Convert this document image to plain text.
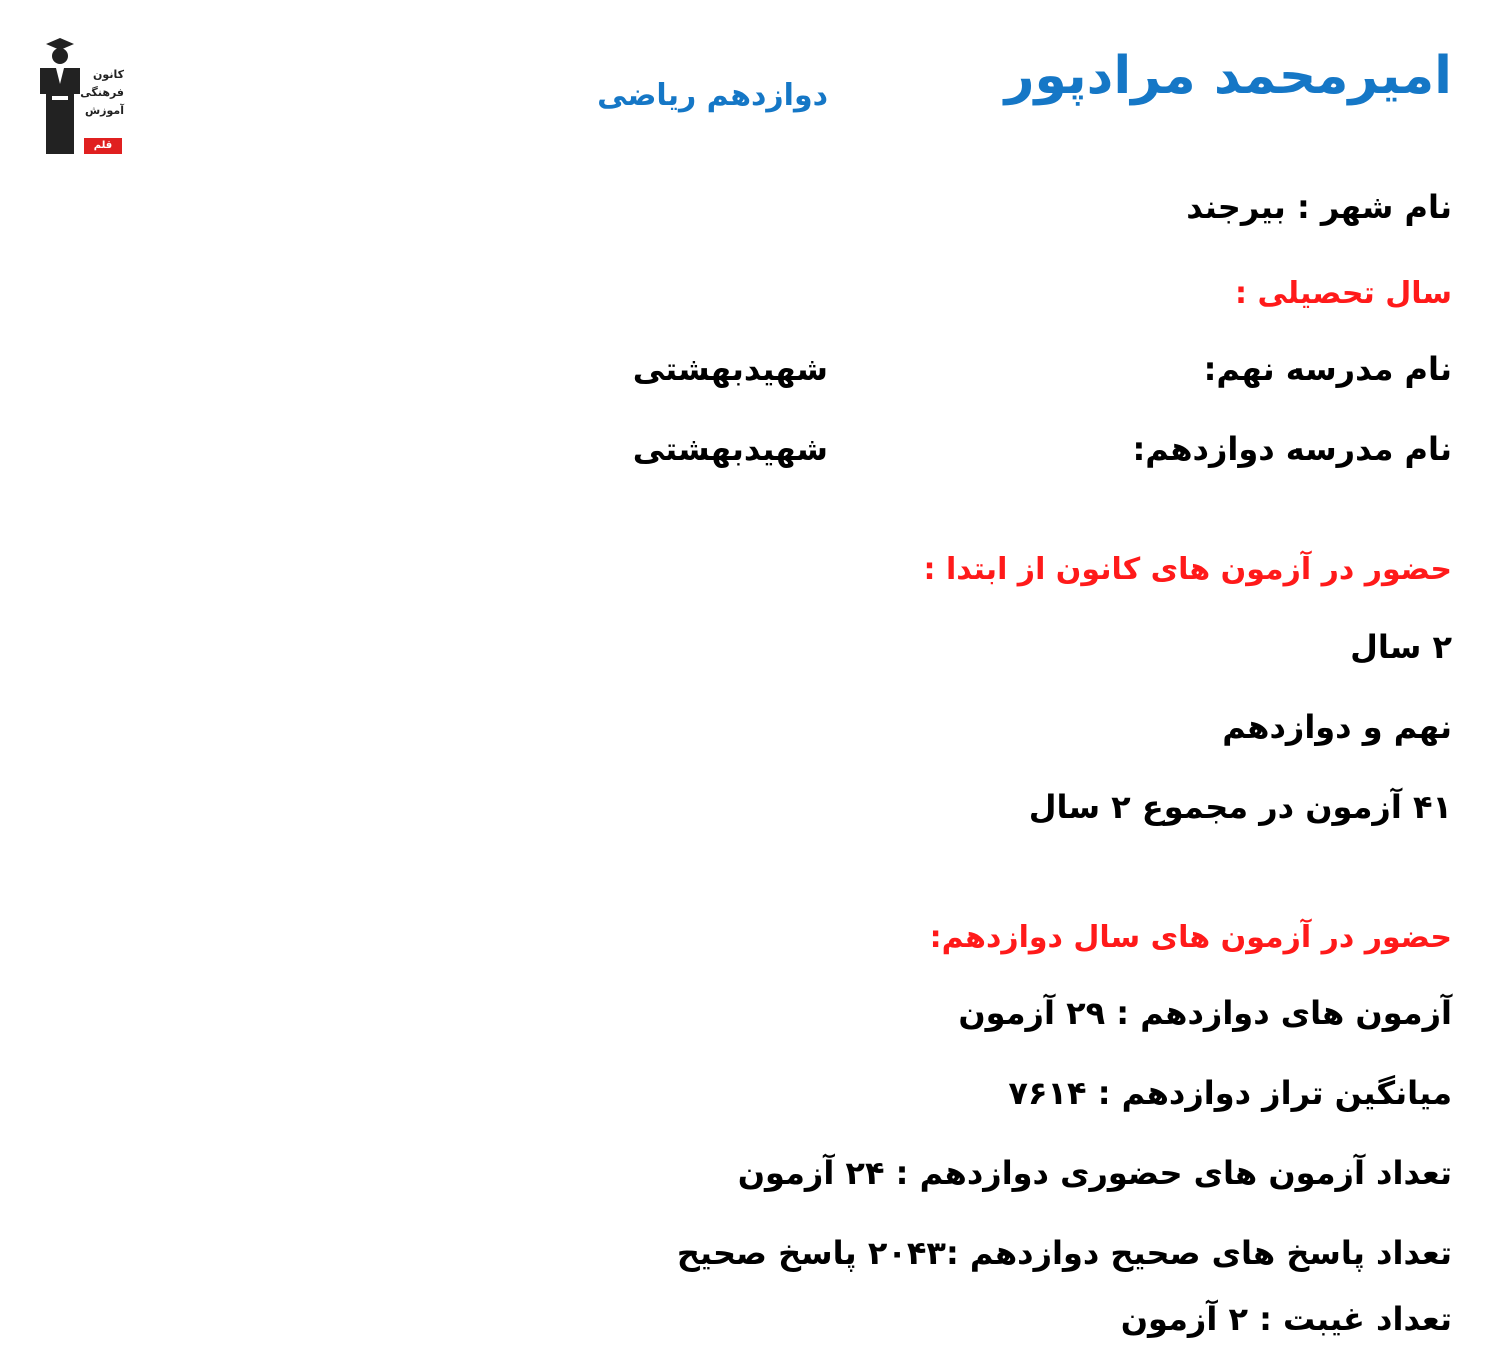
کانون
فرهنگی
آموزش
قلم چی
امیرمحمد مرادپور
دوازدهم ریاضی
نام شهر : بیرجند
سال تحصیلی :
نام مدرسه نهم:
شهیدبهشتی
نام مدرسه دوازدهم:
شهیدبهشتی
حضور در آزمون های کانون از ابتدا :
۲ سال
نهم و دوازدهم
۴۱ آزمون در مجموع ۲ سال
حضور در آزمون های سال دوازدهم:
آزمون های دوازدهم : ۲۹ آزمون
میانگین تراز دوازدهم : ۷۶۱۴
تعداد آزمون های حضوری دوازدهم : ۲۴ آزمون
تعداد پاسخ های صحیح دوازدهم :۲۰۴۳ پاسخ صحیح
تعداد غیبت : ۲ آزمون
